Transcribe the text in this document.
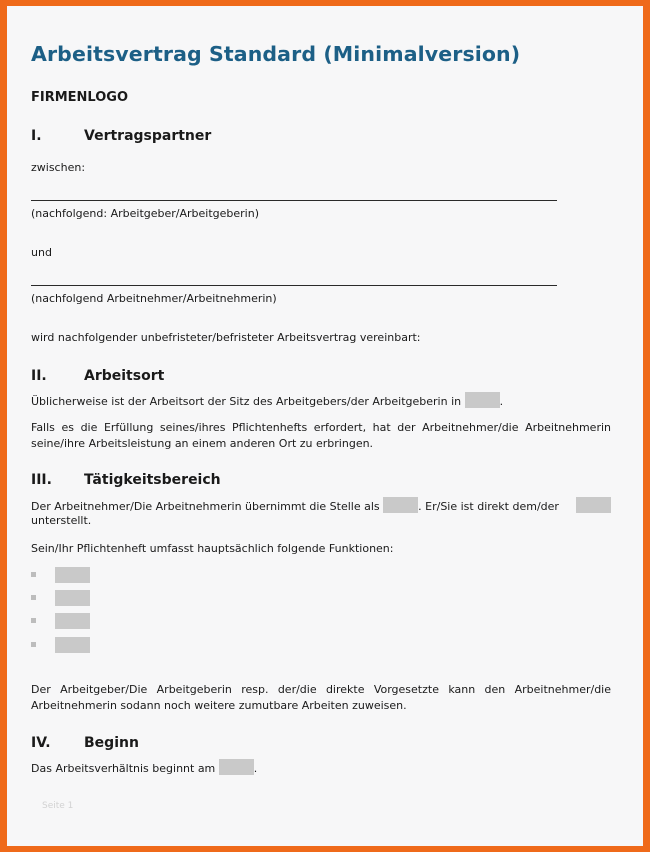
Arbeitsvertrag Standard (Minimalversion)
FIRMENLOGO
I.	Vertragspartner
zwischen:
(nachfolgend: Arbeitgeber/Arbeitgeberin)
und
(nachfolgend Arbeitnehmer/Arbeitnehmerin)
wird nachfolgender unbefristeter/befristeter Arbeitsvertrag vereinbart:
II.	Arbeitsort
Üblicherweise ist der Arbeitsort der Sitz des Arbeitgebers/der Arbeitgeberin in	.
Falls es die Erfüllung seines/ihres Pflichtenhefts erfordert, hat der Arbeitnehmer/die Arbeitnehmerin seine/ihre Arbeitsleistung an einem anderen Ort zu erbringen.
III. Tätigkeitsbereich
Der Arbeitnehmer/Die Arbeitnehmerin übernimmt die Stelle als	. Er/Sie ist direkt dem/der
unterstellt.
Sein/Ihr Pflichtenheft umfasst hauptsächlich folgende Funktionen:
Der Arbeitgeber/Die Arbeitgeberin resp. der/die direkte Vorgesetzte kann den Arbeitnehmer/die Arbeitnehmerin sodann noch weitere zumutbare Arbeiten zuweisen.
IV. Beginn
Das Arbeitsverhältnis beginnt am	.
Seite 1
